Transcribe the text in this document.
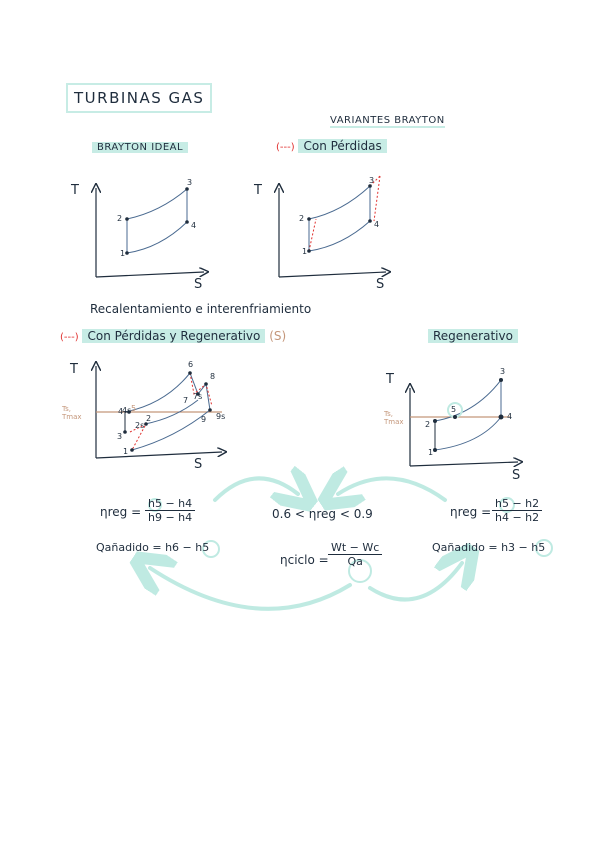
TURBINAS GAS
VARIANTES BRAYTON
BRAYTON IDEAL	(---) Con Pérdidas
Recalentamiento e interenfriamiento
(---) Con Pérdidas y Regenerativo (S)	Regenerativo
T
S
T
S
T
S
T
S
1
2
3
4
1
2
3
4
1
2
3
4 5
6
7
8
9
2s
4s
7s
9s
Ts, Tmax
1
2
3
4
5
Ts, Tmax
$\eta reg = \frac{h5 - h4}{h9 - h4}$
Qañadido = h6 − h5
0.6 < ηreg < 0.9
ηciclo = $\frac{Wt - Wc}{Qa}$
$\eta reg = \frac{h5 - h2}{h4 - h2}$
Qañadido = h3 − h5
